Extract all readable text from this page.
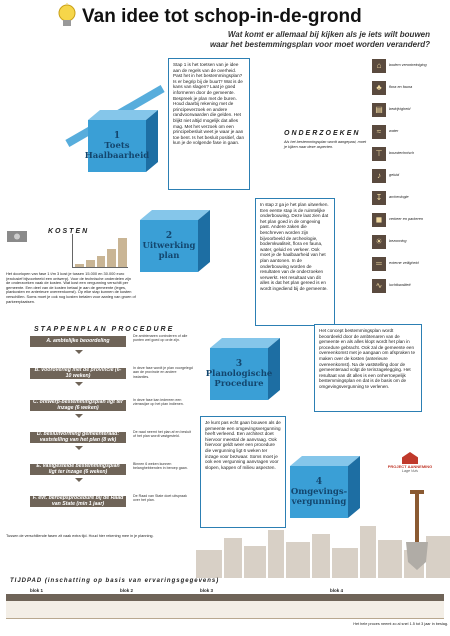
Van idee tot schop-in-de-grond
Wat komt er allemaal bij kijken als je iets wilt bouwen
waar het bestemmingsplan voor moet worden veranderd?
1
Toets
Haalbaarheid
Stap 1 is het toetsen van je idee aan de regels van de overheid. Past het in het bestemmingsplan? Is er begrip bij de buurt? Wat is de kans van slagen? Laat je goed informeren door de gemeente. Bespreek je plan met de buren. Houd daarbij rekening met de principeverzoek en andere randvoorwaarden die gelden. Het blijkt niet altijd mogelijk dat alles mag. Met het verzoek om een principebesluit weet je waar je aan toe bent. Is het besluit positief, dan kun je de volgende fase in gaan.
2
Uitwerking
plan
In stap 2 ga je het plan uitwerken. Een eerste stap is de ruimtelijke onderbouwing. Deze laat zien dat het plan goed in de omgeving past. Andere zaken die beschreven worden zijn bijvoorbeeld de archeologie, bodemkwaliteit, flora en fauna, water, geluid en verkeer. Ook moet je de haalbaarheid van het plan aantonen. In de onderbouwing worden de resultaten van de onderzoeken verwerkt. Het resultaat van dit alles is dat het plan gereed is en wordt ingediend bij de gemeente.
KOSTEN
Het doorlopen van fase 1 t/m 3 kost je tussen 15.000 en 30.000 euro (exclusief bijvoorbeeld een ontwerp). Voor de technische onderdelen zijn de onderzoeken vaak de kosten. Wat kost een vergunning verschilt per gemeente. Een deel van de kosten betaal je aan de gemeente (leges, plankosten en anterieure overeenkomst). Op elke stap kunnen de kosten verschillen. Soms moet je ook nog kosten betalen voor aanleg van groen of parkeerplaatsen.
ONDERZOEKEN
Als het bestemmingsplan wordt aangepast, moet je kijken naar deze aspecten.
⌂	bodem verontreiniging
♣	flora en fauna
▤	bedrijvigheid
≈	water
⊤	bouwtechnisch
♪	geluid
↧	archeologie
◼	verkeer en parkeren
☀	bezonning
═	externe veiligheid
∿	luchtkwaliteit
STAPPENPLAN PROCEDURE
A. ambtelijke beoordeling
De ambtenaren controleren of alle punten wel goed op orde zijn.
B. vooroverleg met de provincie (6-10 weken)
In deze fase wordt je plan voorgelegd aan de provincie en andere instanties.
C. ontwerp-bestemmingsplan ligt ter inzage (6 weken)
In deze fase kan iedereen een zienswijze op het plan indienen.
D. besluitvorming gemeenteraad: vaststelling van het plan (8 wk)
De raad neemt het plan af en besluit of het plan wordt vastgesteld.
E. vastgestelde bestemmingsplan ligt ter inzage (6 weken)
Binnen 6 weken kunnen belanghebbenden in beroep gaan.
F. evt. beroepsprocedure bij de Raad van State (min 1 jaar)
De Raad van State doet uitspraak over het plan.
Tussen de verschillende fasen zit vaak extra tijd. Houd hier rekening mee in je planning.
3
Planologische
Procedure
Het concept bestemmingsplan wordt beoordeeld door de ambtenaren van de gemeente en als alles klopt wordt het plan in procedure gebracht. Ook zal de gemeente een overeenkomst met je aangaan om afspraken te maken over de kosten (anterieure overeenkomst). Na de vaststelling door de gemeenteraad volgt de terinzagelegging. Het resultaat van dit alles is een onherroepelijk bestemmingsplan en dat is de basis om de omgevingsvergunning te verlenen.
4
Omgevings-
vergunning
Je kunt pas echt gaan bouwen als de gemeente een omgevingsvergunning heeft verleend. Een architect doet hiervoor meestal de aanvraag. Ook hiervoor geldt weer een procedure die vergunning ligt 6 weken ter inzage voor bezwaar. Soms moet je ook een vergunning aanvragen voor slopen, kappen of milieu aspecten.	PROJECT AANNEMING
Lage Vuls
TIJDPAD (inschatting op basis van ervaringsgegevens)
blok 1	blok 2	blok 3	blok 4
Het hele proces neemt zo al snel 1.5 tot 3 jaar in beslag.
